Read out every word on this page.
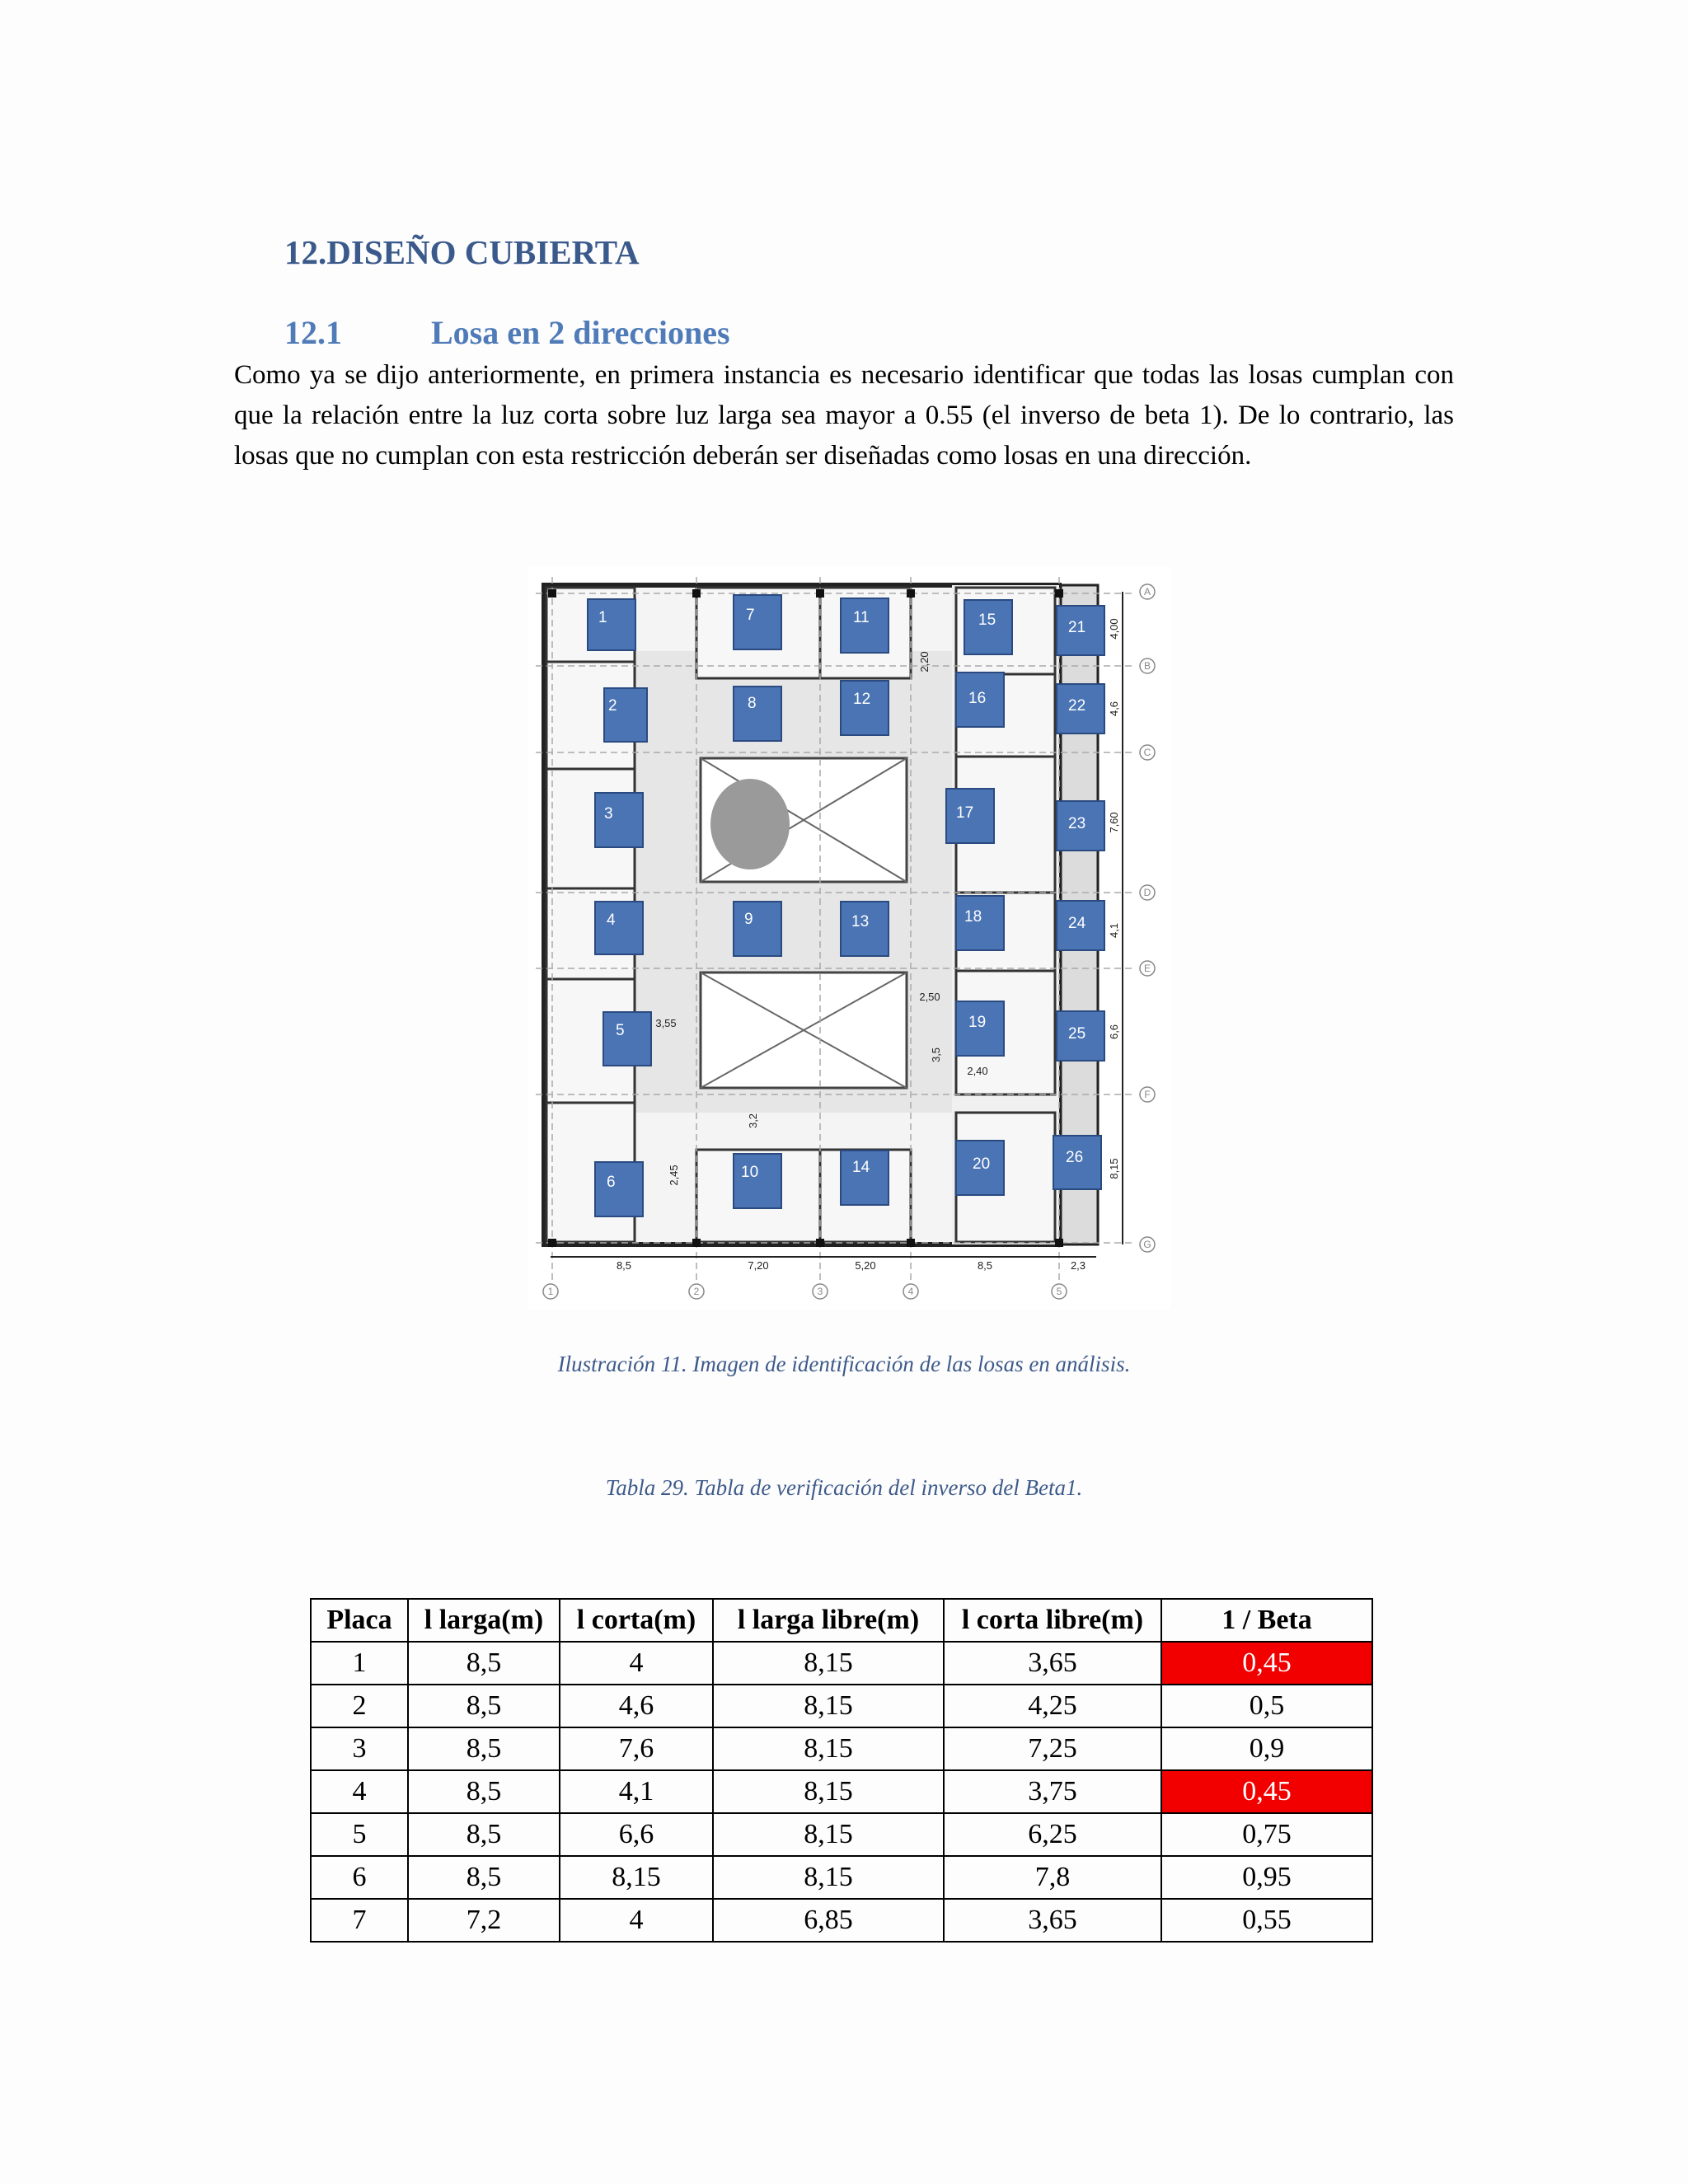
12.DISEÑO CUBIERTA
12.1	Losa en 2 direcciones
Como ya se dijo anteriormente, en primera instancia es necesario identificar que todas las losas cumplan con que la relación entre la luz corta sobre luz larga sea mayor a 0.55 (el inverso de beta 1). De lo contrario, las losas que no cumplan con esta restricción deberán ser diseñadas como losas en una dirección.
1
2
3
4
5
6
7
8
9
10
11
12
13
14
15
16
17
18
19
20
21
22
23
24
25
26
8,5	7,20	5,20	8,5	2,3
1	2	3	4	5
A
B
C
D
E
F
G
4,00
4,6
7,60
4,1
6,6
8,15
2,20
3,55
2,50
3,5
2,40
3,2
2,45
Ilustración 11. Imagen de identificación de las losas en análisis.
Tabla 29. Tabla de verificación del inverso del Beta1.
Placa	l larga(m)	l corta(m)	l larga libre(m)	l corta libre(m)	1 / Beta
1	8,5	4	8,15	3,65	0,45
2	8,5	4,6	8,15	4,25	0,5
3	8,5	7,6	8,15	7,25	0,9
4	8,5	4,1	8,15	3,75	0,45
5	8,5	6,6	8,15	6,25	0,75
6	8,5	8,15	8,15	7,8	0,95
7	7,2	4	6,85	3,65	0,55
